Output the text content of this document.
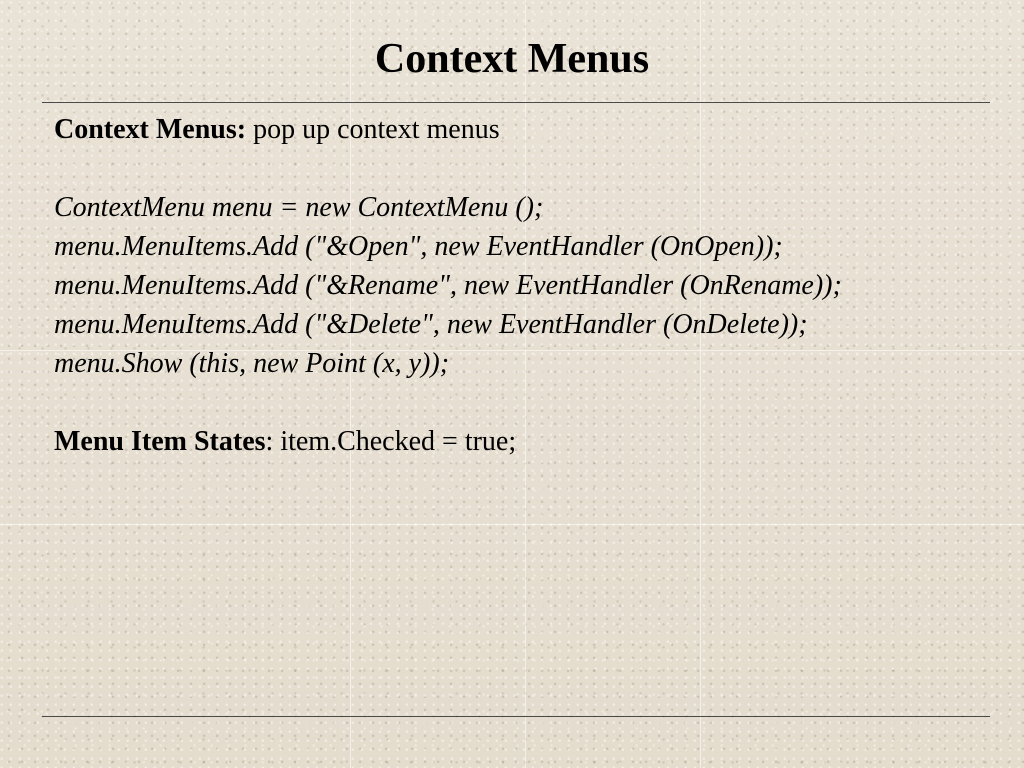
Context Menus

Context Menus: pop up context menus

ContextMenu menu = new ContextMenu ();

menu.MenuItems.Add ("&Open", new EventHandler (OnOpen));

menu.MenuItems.Add ("&Rename", new EventHandler (OnRename));

menu.MenuItems.Add ("&Delete", new EventHandler (OnDelete));

menu.Show (this, new Point (x, y));

Menu Item States: item.Checked = true;
